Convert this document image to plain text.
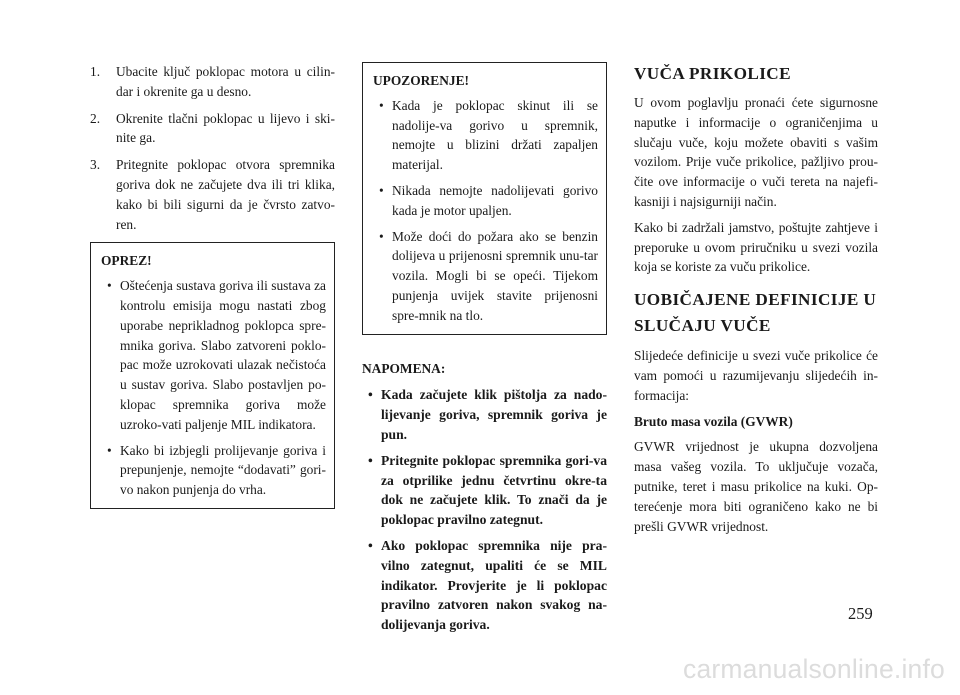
1. Ubacite ključ poklopac motora u cilin-dar i okrenite ga u desno.
2. Okrenite tlačni poklopac u lijevo i ski-nite ga.
3. Pritegnite poklopac otvora spremnika goriva dok ne začujete dva ili tri klika, kako bi bili sigurni da je čvrsto zatvo-ren.
OPREZ!
• Oštećenja sustava goriva ili sustava za kontrolu emisija mogu nastati zbog uporabe neprikladnog poklopca spre-mnika goriva. Slabo zatvoreni poklo-pac može uzrokovati ulazak nečistoća u sustav goriva. Slabo postavljen po-klopac spremnika goriva može uzroko-vati paljenje MIL indikatora.
• Kako bi izbjegli prolijevanje goriva i prepunjenje, nemojte “dodavati” gori-vo nakon punjenja do vrha.
UPOZORENJE!
• Kada je poklopac skinut ili se nadolije-va gorivo u spremnik, nemojte u blizini držati zapaljen materijal.
• Nikada nemojte nadolijevati gorivo kada je motor upaljen.
• Može doći do požara ako se benzin dolijeva u prijenosni spremnik unu-tar vozila. Mogli bi se opeći. Tijekom punjenja uvijek stavite prijenosni spre-mnik na tlo.
NAPOMENA:
• Kada začujete klik pištolja za nado-lijevanje goriva, spremnik goriva je pun.
• Pritegnite poklopac spremnika gori-va za otprilike jednu četvrtinu okre-ta dok ne začujete klik. To znači da je poklopac pravilno zategnut.
• Ako poklopac spremnika nije pra-vilno zategnut, upaliti će se MIL indikator. Provjerite je li poklopac pravilno zatvoren nakon svakog na-dolijevanja goriva.
VUČA PRIKOLICE

U ovom poglavlju pronaći ćete sigurnosne naputke i informacije o ograničenjima u slučaju vuče, koju možete obaviti s vašim vozilom. Prije vuče prikolice, pažljivo prou-čite ove informacije o vuči tereta na najefi-kasniji i najsigurniji način.

Kako bi zadržali jamstvo, poštujte zahtjeve i preporuke u ovom priručniku u svezi vozila koja se koriste za vuču prikolice.

UOBIČAJENE DEFINICIJE U SLUČAJU VUČE

Slijedeće definicije u svezi vuče prikolice će vam pomoći u razumijevanju slijedećih in-formacija:

Bruto masa vozila (GVWR)

GVWR vrijednost je ukupna dozvoljena masa vašeg vozila. To uključuje vozača, putnike, teret i masu prikolice na kuki. Op-terećenje mora biti ograničeno kako ne bi prešli GVWR vrijednost.

259
carmanualsonline.info
